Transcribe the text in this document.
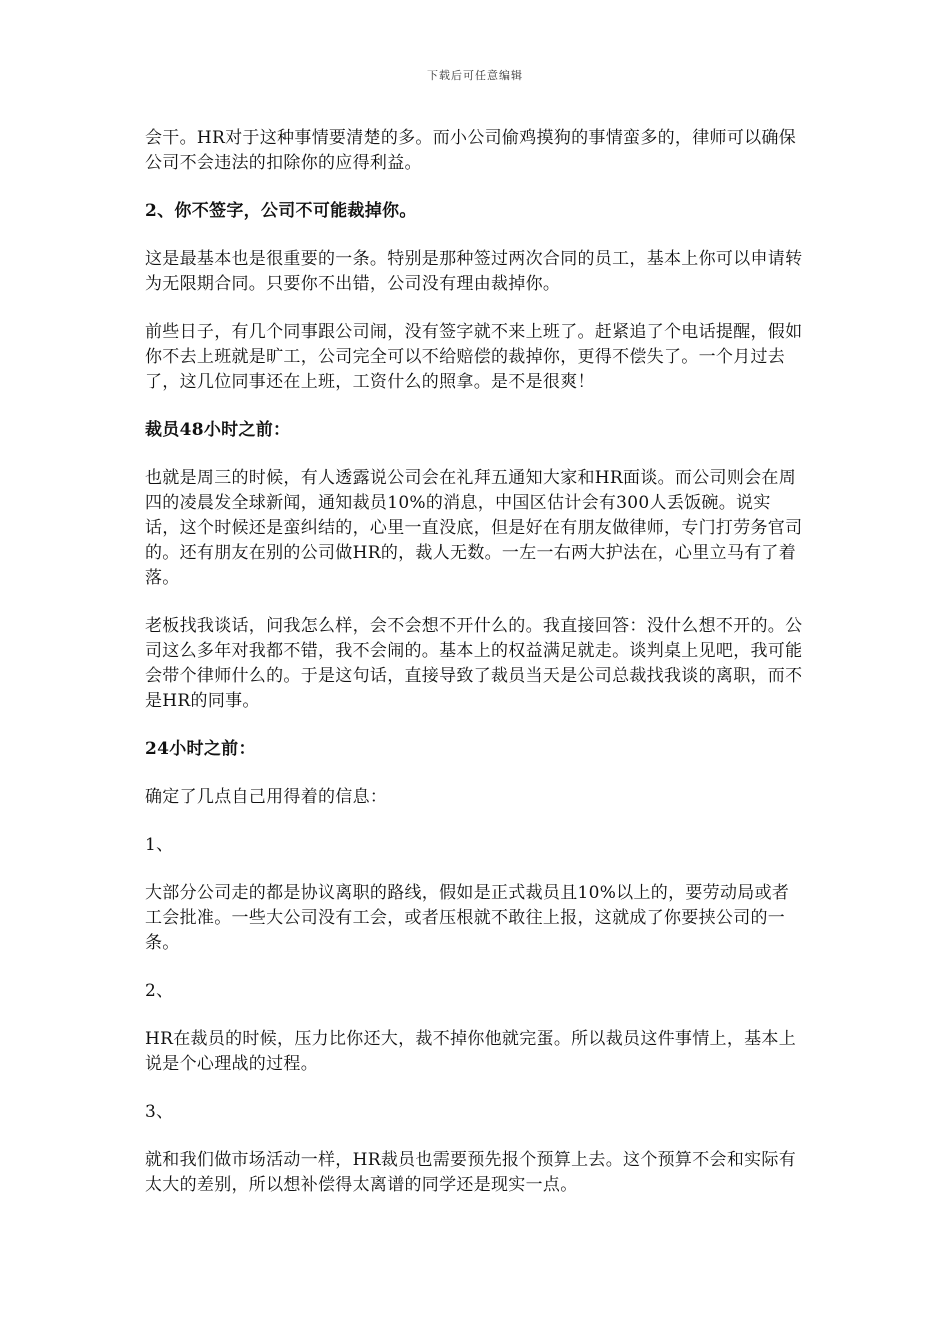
下载后可任意编辑

会干。HR对于这种事情要清楚的多。而小公司偷鸡摸狗的事情蛮多的，律师可以确保公司不会违法的扣除你的应得利益。

2、你不签字，公司不可能裁掉你。

这是最基本也是很重要的一条。特别是那种签过两次合同的员工，基本上你可以申请转为无限期合同。只要你不出错，公司没有理由裁掉你。

前些日子，有几个同事跟公司闹，没有签字就不来上班了。赶紧追了个电话提醒，假如你不去上班就是旷工，公司完全可以不给赔偿的裁掉你，更得不偿失了。一个月过去了，这几位同事还在上班，工资什么的照拿。是不是很爽！

裁员48小时之前：

也就是周三的时候，有人透露说公司会在礼拜五通知大家和HR面谈。而公司则会在周四的凌晨发全球新闻，通知裁员10%的消息，中国区估计会有300人丢饭碗。说实话，这个时候还是蛮纠结的，心里一直没底，但是好在有朋友做律师，专门打劳务官司的。还有朋友在别的公司做HR的，裁人无数。一左一右两大护法在，心里立马有了着落。

老板找我谈话，问我怎么样，会不会想不开什么的。我直接回答：没什么想不开的。公司这么多年对我都不错，我不会闹的。基本上的权益满足就走。谈判桌上见吧，我可能会带个律师什么的。于是这句话，直接导致了裁员当天是公司总裁找我谈的离职，而不是HR的同事。

24小时之前：

确定了几点自己用得着的信息：

1、

大部分公司走的都是协议离职的路线，假如是正式裁员且10%以上的，要劳动局或者工会批准。一些大公司没有工会，或者压根就不敢往上报，这就成了你要挟公司的一条。

2、

HR在裁员的时候，压力比你还大，裁不掉你他就完蛋。所以裁员这件事情上，基本上说是个心理战的过程。

3、

就和我们做市场活动一样，HR裁员也需要预先报个预算上去。这个预算不会和实际有太大的差别，所以想补偿得太离谱的同学还是现实一点。
